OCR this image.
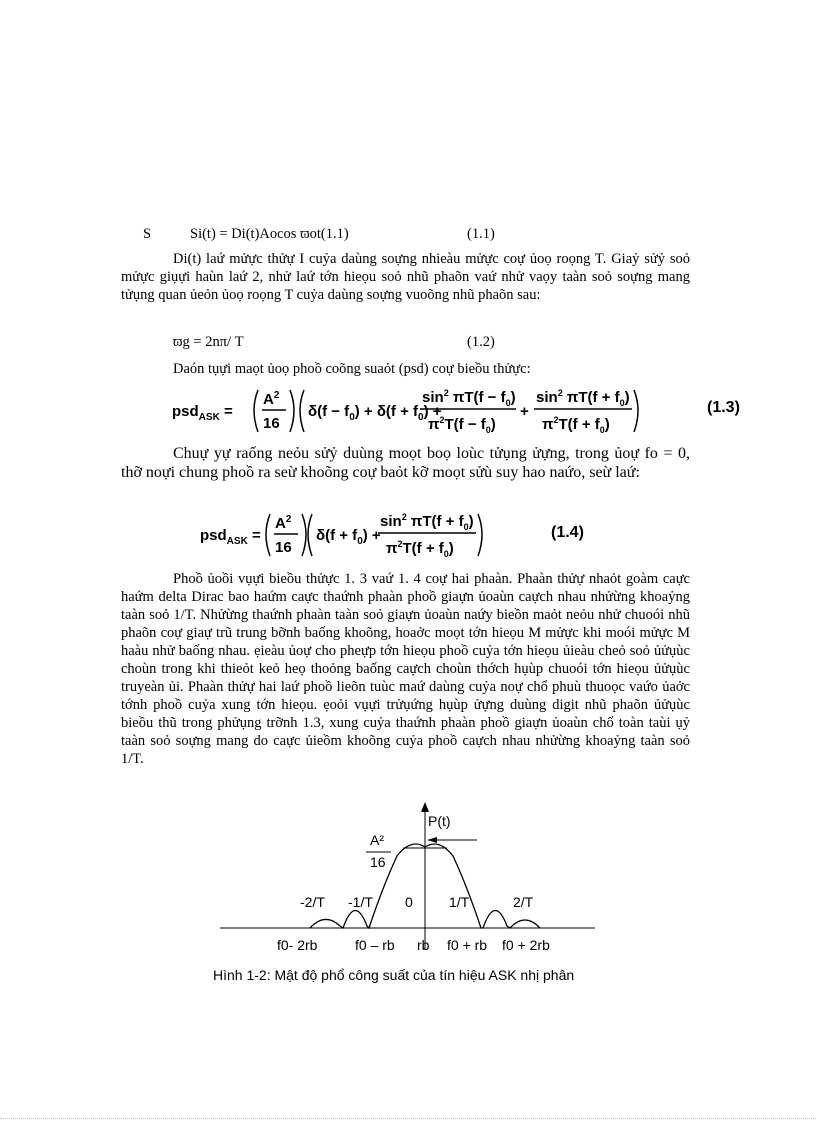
S	Si(t) = Di(t)Aocos ϖot(1.1)	(1.1)
Di(t) laứ mửực thửự I cuỷa daùng soựng nhieàu mửực coự ủoọ roọng T. Giaỷ sửỷ soỏ mửực giụựi haùn laứ 2, nhử laứ tớn hieọu soỏ nhũ phaõn vaứ nhử vaọy taàn soỏ soựng mang tửụng quan ủeỏn ủoọ roọng T cuỷa daùng soựng vuoõng nhũ phaõn sau:
ϖg = 2nπ/ T	(1.2)
Daón tụựi maọt ủoọ phoồ coõng suaỏt (psd) coự bieồu thửực:
psd$_{ASK}$ =
$A^2$
16
$\delta(f - f_0) + \delta(f + f_0)$ +
$\sin^2 \pi T(f - f_0)$
$\pi^2T(f - f_0)$
+
$\sin^2 \pi T(f + f_0)$
$\pi^2T(f + f_0)$
(1.3)
Chuự yự raống neỏu sửỷ duùng moọt boọ loùc tửụng ửựng, trong ủoự fo = 0, thỡ noựi chung phoồ ra seừ khoõng coự baỏt kỡ moọt sửù suy hao naứo, seừ laứ:
psd$_{ASK}$ =
$A^2$
16
$\delta(f + f_0)$ +
$\sin^2 \pi T(f + f_0)$
$\pi^2T(f + f_0)$
(1.4)
Phoồ ủoồi vụựi bieồu thửực 1. 3 vaứ 1. 4 coự hai phaàn. Phaàn thửự nhaỏt goàm caực haứm delta Dirac bao haứm caực thaứnh phaàn phoồ giaựn ủoaùn caựch nhau nhửừng khoaỷng taàn soỏ 1/T. Nhửừng thaứnh phaàn taàn soỏ giaựn ủoaùn naứy bieồn maỏt neỏu nhử chuoói nhũ phaõn coự giaự trũ trung bỡnh baống khoõng, hoaởc moọt tớn hieọu M mửực khi moói mửực M haàu nhử baống nhau. ẹieàu ủoự cho pheựp tớn hieọu phoồ cuỷa tớn hieọu ủieàu cheỏ soỏ ủửụùc choùn trong khi thieỏt keỏ heọ thoỏng baống caựch choùn thớch hụùp chuoói tớn hieọu ủửụùc truyeàn ủi. Phaàn thửự hai laứ phoồ lieõn tuùc maứ daùng cuỷa noự chổ phuù thuoọc vaứo ủaởc tớnh phoồ cuỷa xung tớn hieọu. ẹoỏi vụựi trửụứng hụùp ửựng duùng digit nhũ phaõn ủửụùc bieồu thũ trong phửụng trỡnh 1.3, xung cuỷa thaứnh phaàn phoồ giaựn ủoaùn chổ toàn taùi ụỷ taàn soỏ soựng mang do caực ủieồm khoõng cuỷa phoồ caựch nhau nhửừng khoaỷng taàn soỏ 1/T.
P(t)
A²
16
-2/T -1/T 0	1/T	2/T
f0- 2rb	f0 – rb rb f0 + rb f0 + 2rb
Hình 1-2: Mật độ phổ công suất của tín hiệu ASK nhị phân
